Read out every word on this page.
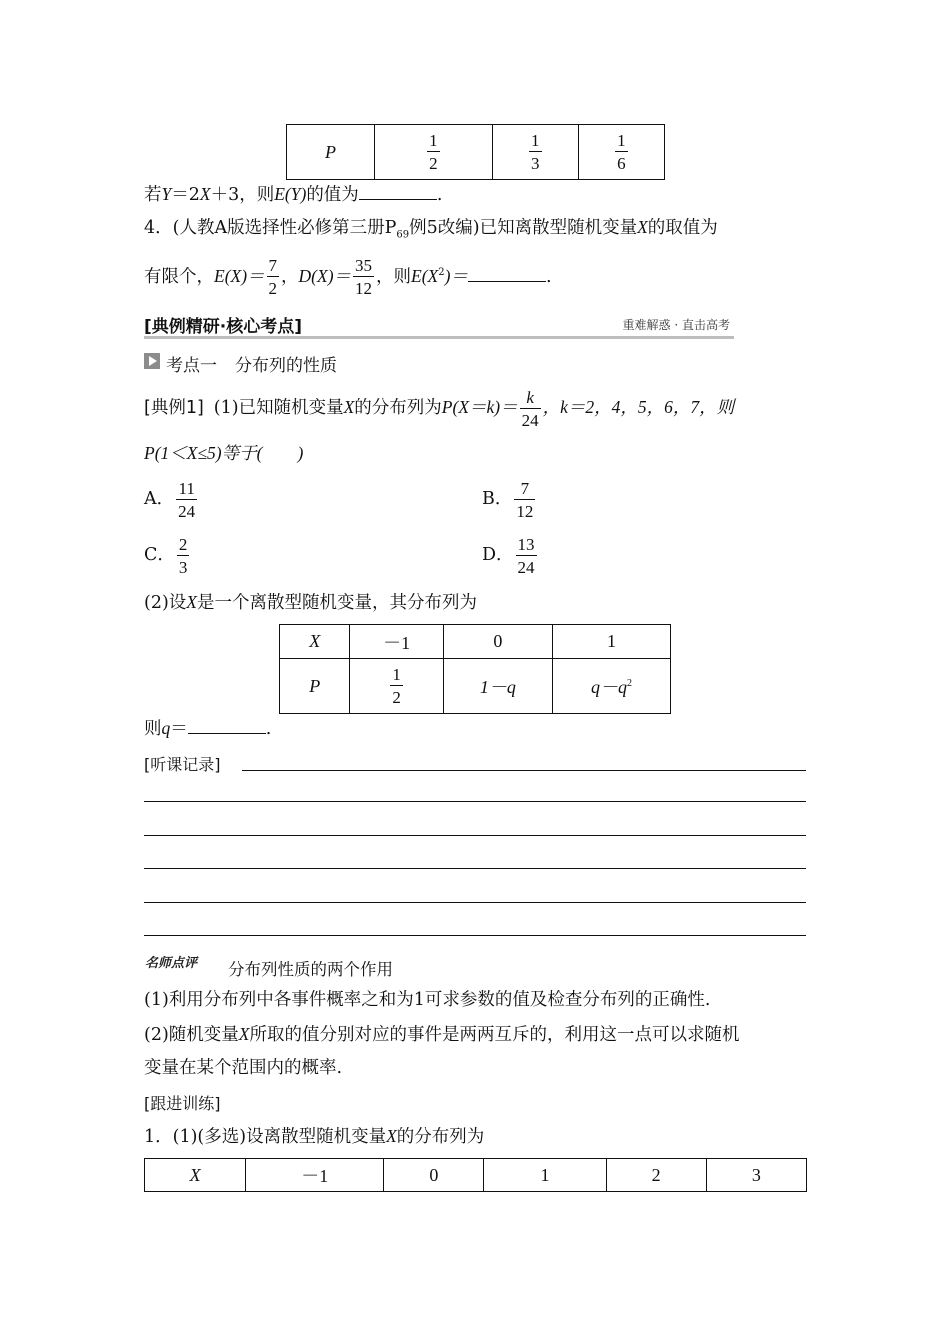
P	$\frac{1}{2}$	$\frac{1}{3}$	$\frac{1}{6}$
若Y＝2X＋3，则E(Y)的值为	.
4．(人教A版选择性必修第三册$P_{69}$例5改编)已知离散型随机变量X的取值为
有限个，$E(X)= \frac{7}{2}$ ，$D(X)= \frac{35}{12}$ ，则$E(X^2)=$	.
[典例精研·核心考点]	重难解惑 · 直击高考
考点一 分布列的性质
[典例1] (1)已知随机变量X的分布列为$P(X=k)= \frac{k}{24}$ ，k＝2，4，5，6，7，则
P(1＜X≤5)等于(　　)
A． $\frac{11}{24}$	B． $\frac{7}{12}$
C． $\frac{2}{3}$	D． $\frac{13}{24}$
(2)设X是一个离散型随机变量，其分布列为
X	－1	0	1
P	$\frac{1}{2}$	1－q	$q-q^2$
则q＝	.
[听课记录]
名师点评 分布列性质的两个作用
(1)利用分布列中各事件概率之和为1可求参数的值及检查分布列的正确性.
(2)随机变量X所取的值分别对应的事件是两两互斥的，利用这一点可以求随机
变量在某个范围内的概率.
[跟进训练]
1．(1)(多选)设离散型随机变量X的分布列为
X	－1	0	1	2	3
